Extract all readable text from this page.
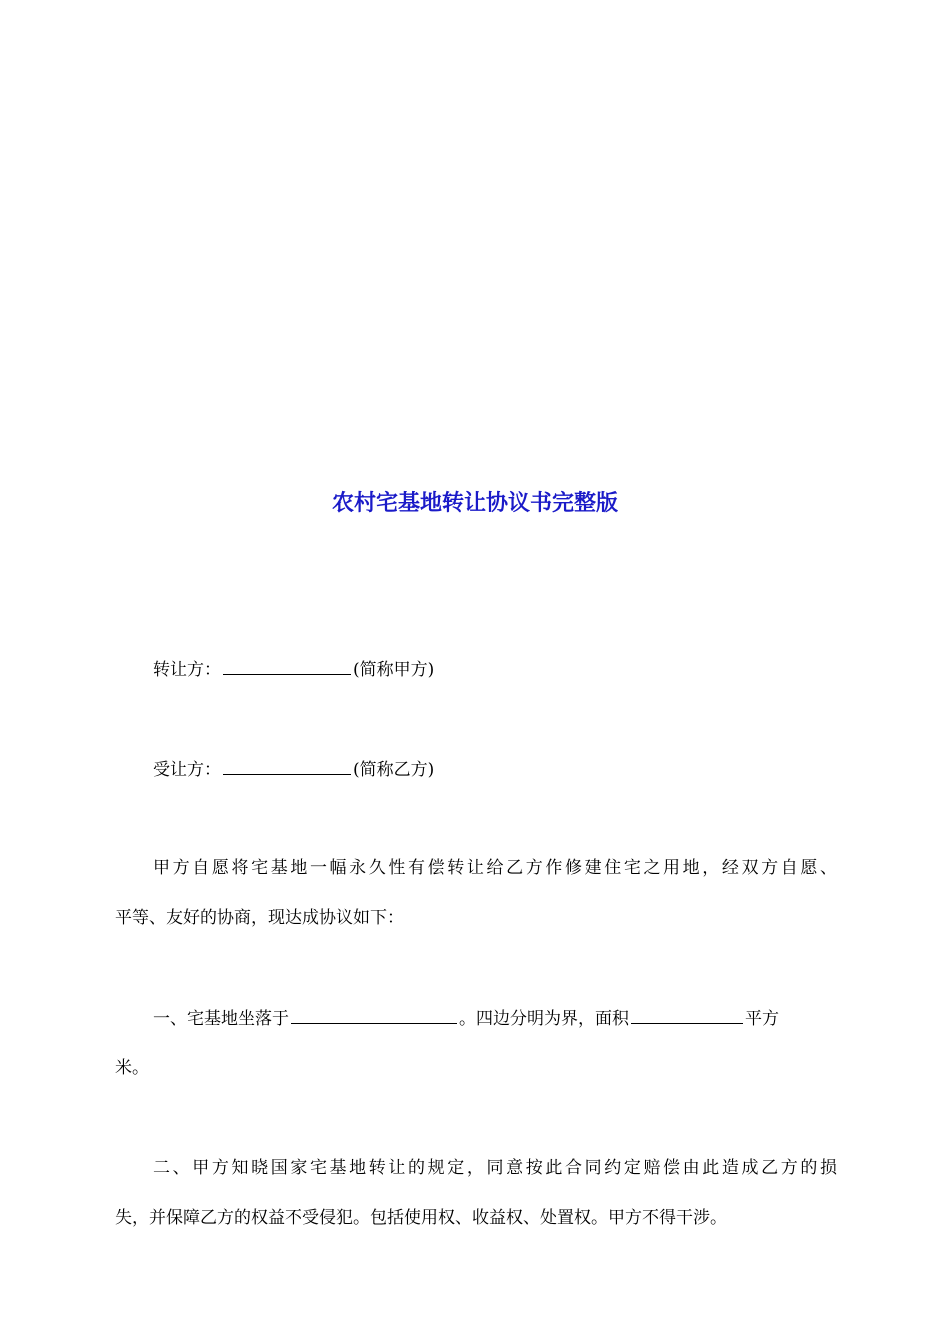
农村宅基地转让协议书完整版
转让方：	(简称甲方)
受让方：	(简称乙方)
甲方自愿将宅基地一幅永久性有偿转让给乙方作修建住宅之用地，经双方自愿、
平等、友好的协商，现达成协议如下：
一、宅基地坐落于	。四边分明为界，面积	平方
米。
二、甲方知晓国家宅基地转让的规定，同意按此合同约定赔偿由此造成乙方的损
失，并保障乙方的权益不受侵犯。包括使用权、收益权、处置权。甲方不得干涉。
